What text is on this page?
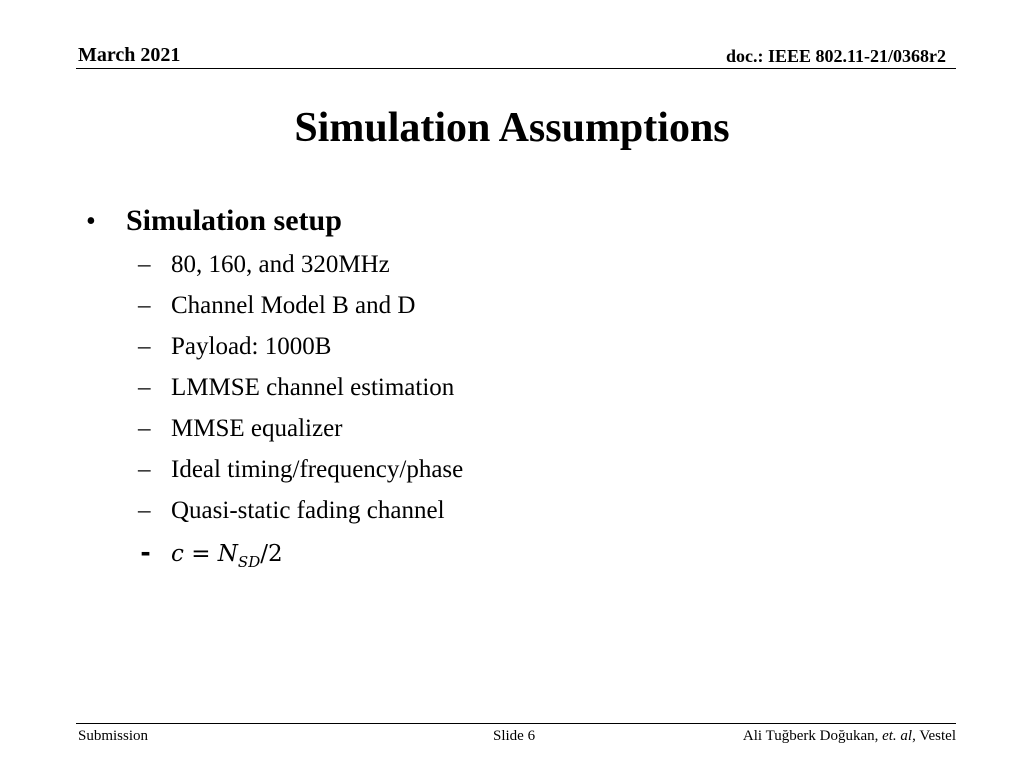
March 2021	doc.: IEEE 802.11-21/0368r2
Simulation Assumptions
•	Simulation setup
– 80, 160, and 320MHz
– Channel Model B and D
– Payload: 1000B
– LMMSE channel estimation
– MMSE equalizer
– Ideal timing/frequency/phase
– Quasi-static fading channel
- $c = N_{SD}/2$
Submission	Slide 6	Ali Tuğberk Doğukan, et. al, Vestel
